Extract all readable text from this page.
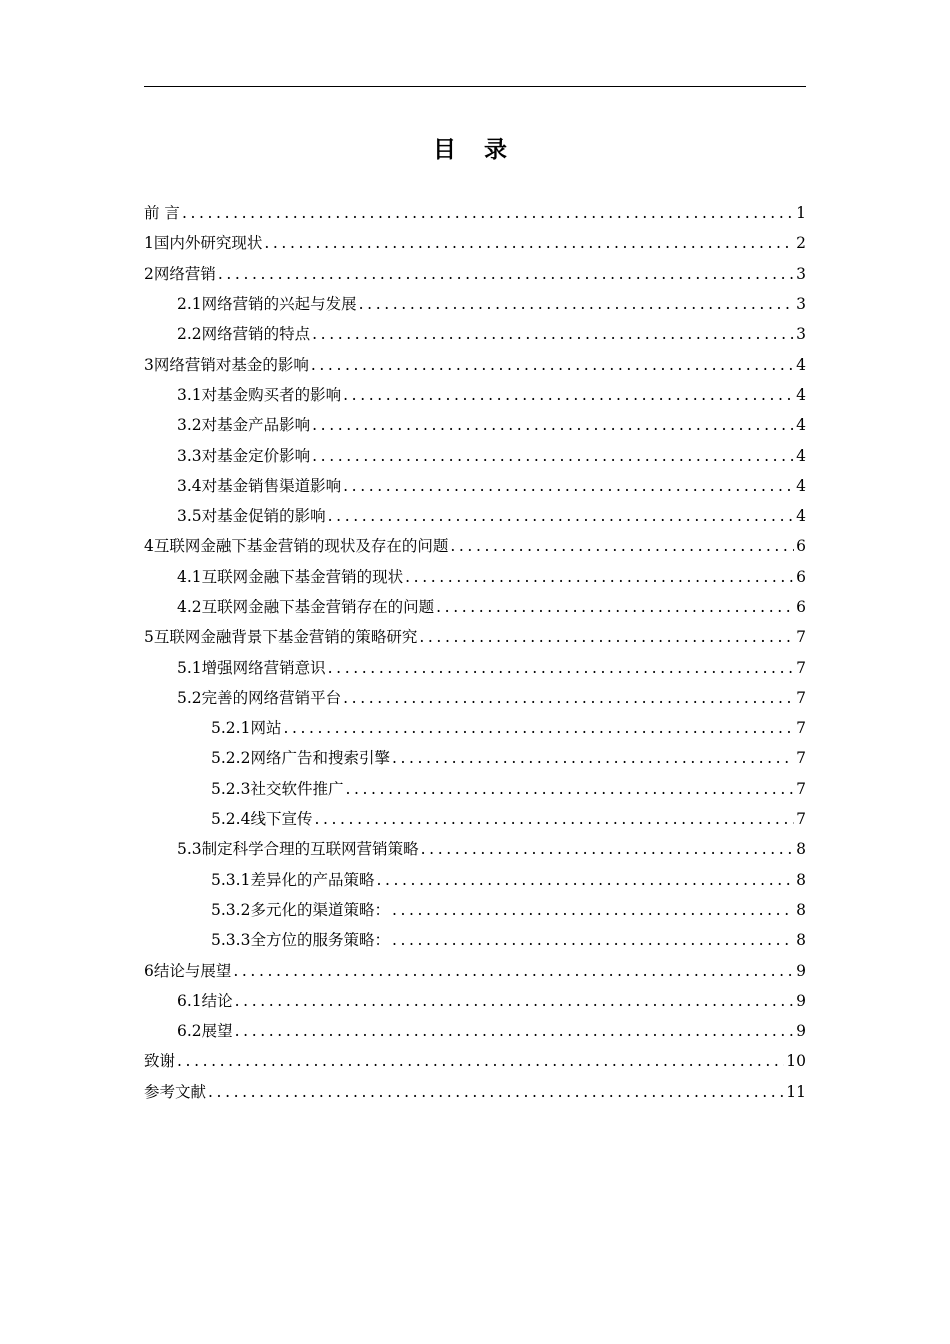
目 录
前 言 .....	1
1国内外研究现状 .....	2
2网络营销 .....	3
2.1网络营销的兴起与发展 .....	3
2.2网络营销的特点 .....	3
3网络营销对基金的影响 .....	4
3.1对基金购买者的影响 .....	4
3.2对基金产品影响 .....	4
3.3对基金定价影响 .....	4
3.4对基金销售渠道影响 .....	4
3.5对基金促销的影响 .....	4
4互联网金融下基金营销的现状及存在的问题 .....	6
4.1互联网金融下基金营销的现状 .....	6
4.2互联网金融下基金营销存在的问题 .....	6
5互联网金融背景下基金营销的策略研究 .....	7
5.1增强网络营销意识 .....	7
5.2完善的网络营销平台 .....	7
5.2.1网站 .....	7
5.2.2网络广告和搜索引擎 .....	7
5.2.3社交软件推广 .....	7
5.2.4线下宣传 .....	7
5.3制定科学合理的互联网营销策略 .....	8
5.3.1差异化的产品策略 .....	8
5.3.2多元化的渠道策略： .....	8
5.3.3全方位的服务策略： .....	8
6结论与展望 .....	9
6.1结论 .....	9
6.2展望 .....	9
致谢 .....	10
参考文献 .....	11
